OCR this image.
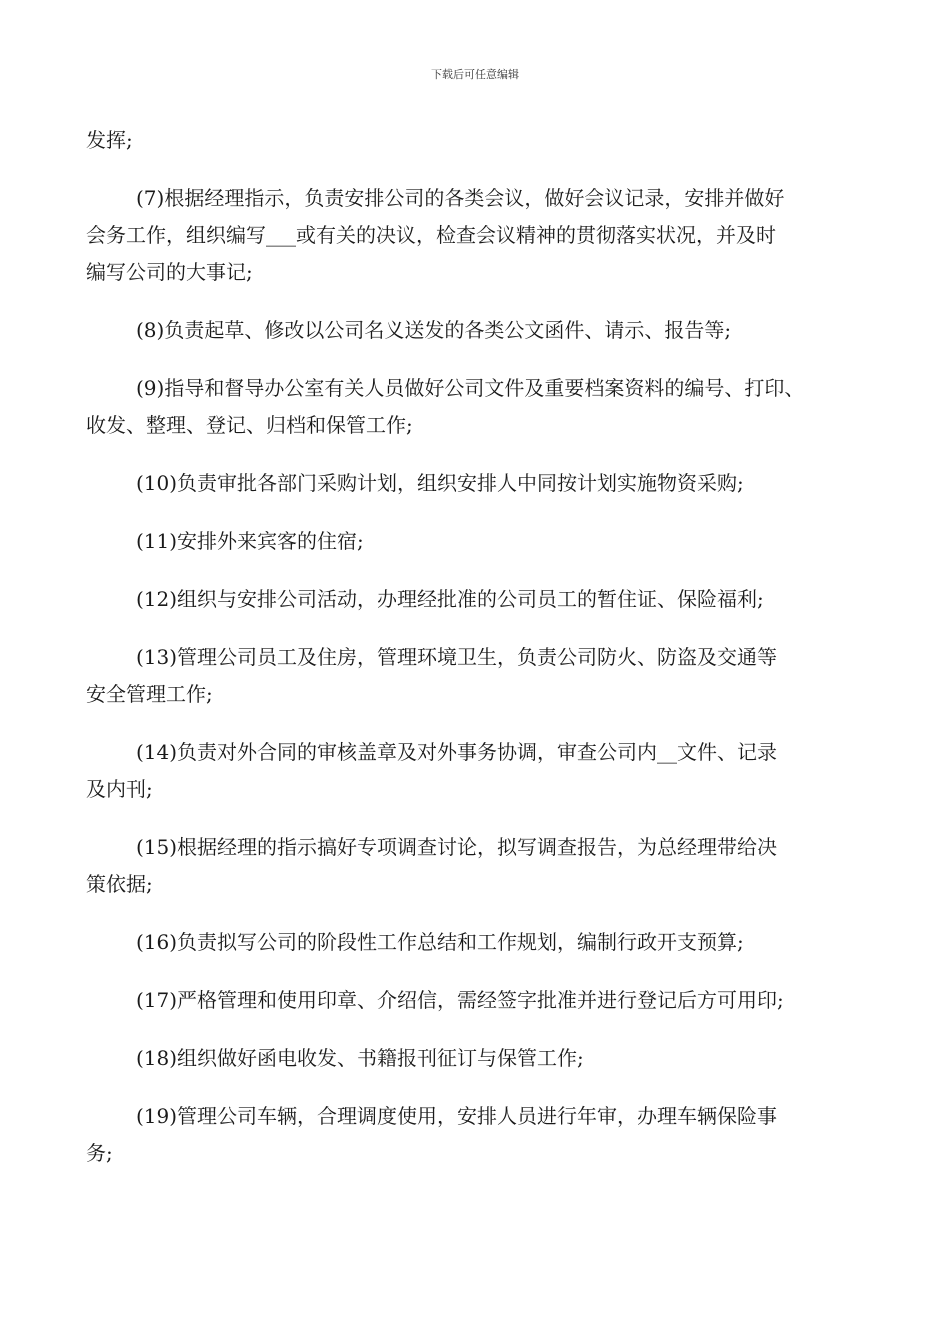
下载后可任意编辑

发挥;

(7)根据经理指示，负责安排公司的各类会议，做好会议记录，安排并做好
会务工作，组织编写___或有关的决议，检查会议精神的贯彻落实状况，并及时
编写公司的大事记;

(8)负责起草、修改以公司名义送发的各类公文函件、请示、报告等;

(9)指导和督导办公室有关人员做好公司文件及重要档案资料的编号、打印、
收发、整理、登记、归档和保管工作;

(10)负责审批各部门采购计划，组织安排人中同按计划实施物资采购;

(11)安排外来宾客的住宿;

(12)组织与安排公司活动，办理经批准的公司员工的暂住证、保险福利;

(13)管理公司员工及住房，管理环境卫生，负责公司防火、防盗及交通等
安全管理工作;

(14)负责对外合同的审核盖章及对外事务协调，审查公司内__文件、记录
及内刊;

(15)根据经理的指示搞好专项调查讨论，拟写调查报告，为总经理带给决
策依据;

(16)负责拟写公司的阶段性工作总结和工作规划，编制行政开支预算;

(17)严格管理和使用印章、介绍信，需经签字批准并进行登记后方可用印;

(18)组织做好函电收发、书籍报刊征订与保管工作;

(19)管理公司车辆，合理调度使用，安排人员进行年审，办理车辆保险事
务;
